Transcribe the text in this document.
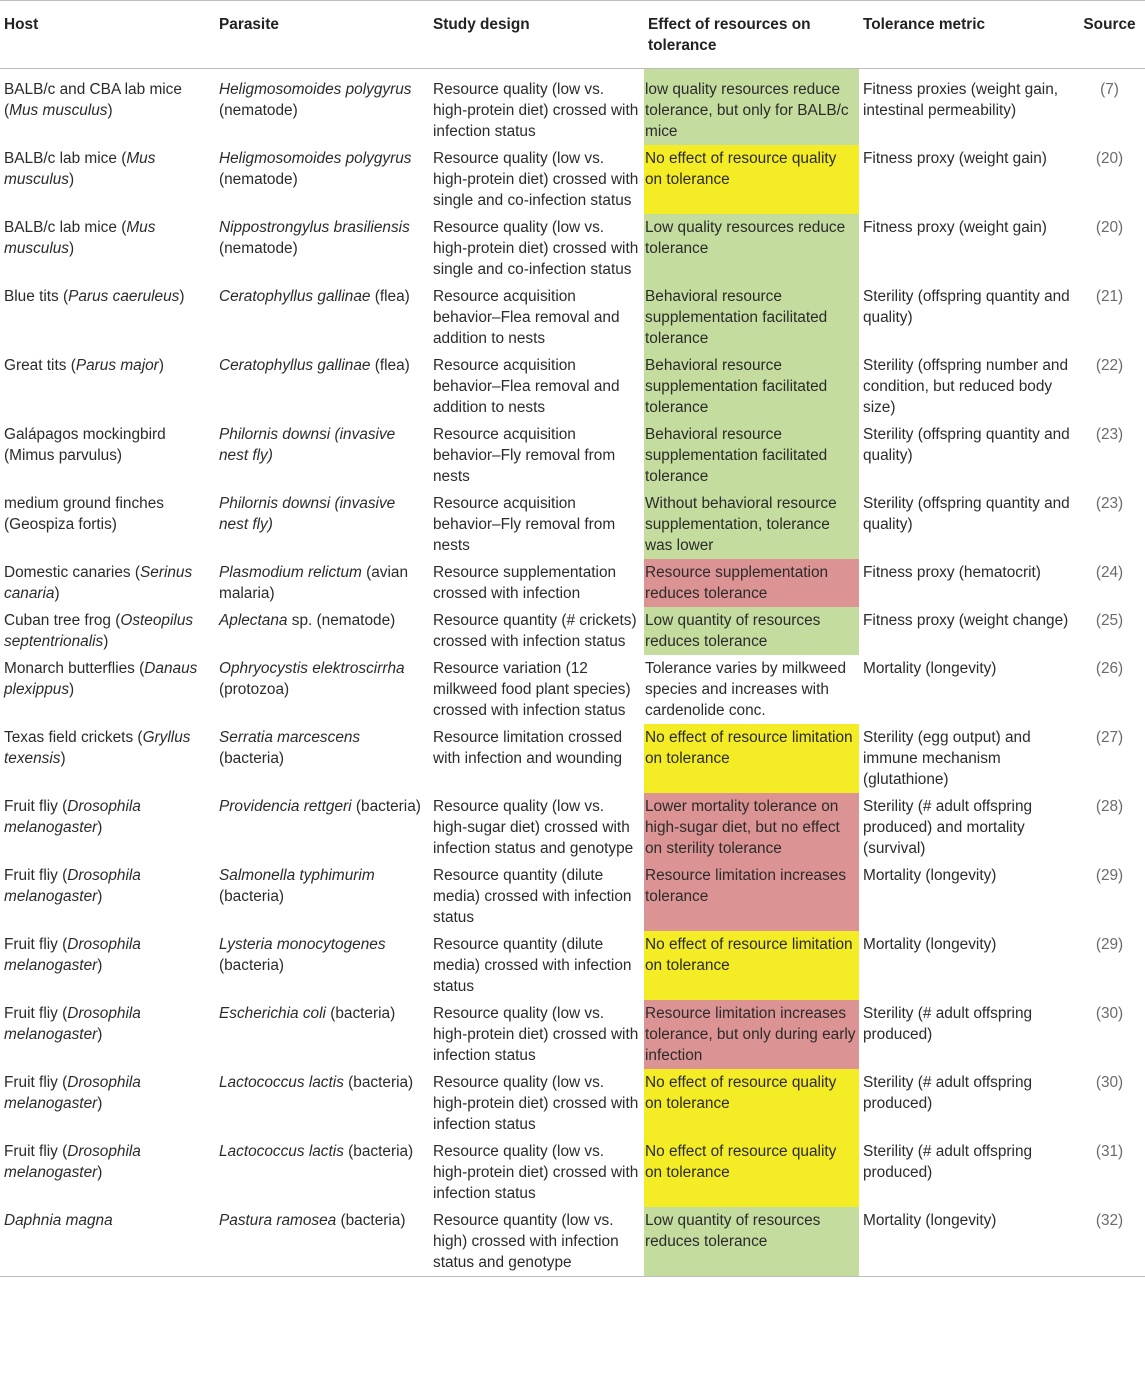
Host	Parasite	Study design	Effect of resources on tolerance	Tolerance metric	Source
BALB/c and CBA lab mice (Mus musculus)	Heligmosomoides polygyrus (nematode)	Resource quality (low vs. high-protein diet) crossed with infection status	low quality resources reduce tolerance, but only for BALB/c mice	Fitness proxies (weight gain, intestinal permeability)	(7)
BALB/c lab mice (Mus musculus)	Heligmosomoides polygyrus (nematode)	Resource quality (low vs. high-protein diet) crossed with single and co-infection status	No effect of resource quality on tolerance	Fitness proxy (weight gain)	(20)
BALB/c lab mice (Mus musculus)	Nippostrongylus brasiliensis (nematode)	Resource quality (low vs. high-protein diet) crossed with single and co-infection status	Low quality resources reduce tolerance	Fitness proxy (weight gain)	(20)
Blue tits (Parus caeruleus)	Ceratophyllus gallinae (flea)	Resource acquisition behavior–Flea removal and addition to nests	Behavioral resource supplementation facilitated tolerance	Sterility (offspring quantity and quality)	(21)
Great tits (Parus major)	Ceratophyllus gallinae (flea)	Resource acquisition behavior–Flea removal and addition to nests	Behavioral resource supplementation facilitated tolerance	Sterility (offspring number and condition, but reduced body size)	(22)
Galápagos mockingbird (Mimus parvulus)	Philornis downsi (invasive nest fly)	Resource acquisition behavior–Fly removal from nests	Behavioral resource supplementation facilitated tolerance	Sterility (offspring quantity and quality)	(23)
medium ground finches (Geospiza fortis)	Philornis downsi (invasive nest fly)	Resource acquisition behavior–Fly removal from nests	Without behavioral resource supplementation, tolerance was lower	Sterility (offspring quantity and quality)	(23)
Domestic canaries (Serinus canaria)	Plasmodium relictum (avian malaria)	Resource supplementation crossed with infection	Resource supplementation reduces tolerance	Fitness proxy (hematocrit)	(24)
Cuban tree frog (Osteopilus septentrionalis)	Aplectana sp. (nematode)	Resource quantity (# crickets) crossed with infection status	Low quantity of resources reduces tolerance	Fitness proxy (weight change)	(25)
Monarch butterflies (Danaus plexippus)	Ophryocystis elektroscirrha (protozoa)	Resource variation (12 milkweed food plant species) crossed with infection status	Tolerance varies by milkweed species and increases with cardenolide conc.	Mortality (longevity)	(26)
Texas field crickets (Gryllus texensis)	Serratia marcescens (bacteria)	Resource limitation crossed with infection and wounding	No effect of resource limitation on tolerance	Sterility (egg output) and immune mechanism (glutathione)	(27)
Fruit fliy (Drosophila melanogaster)	Providencia rettgeri (bacteria)	Resource quality (low vs. high-sugar diet) crossed with infection status and genotype	Lower mortality tolerance on high-sugar diet, but no effect on sterility tolerance	Sterility (# adult offspring produced) and mortality (survival)	(28)
Fruit fliy (Drosophila melanogaster)	Salmonella typhimurim (bacteria)	Resource quantity (dilute media) crossed with infection status	Resource limitation increases tolerance	Mortality (longevity)	(29)
Fruit fliy (Drosophila melanogaster)	Lysteria monocytogenes (bacteria)	Resource quantity (dilute media) crossed with infection status	No effect of resource limitation on tolerance	Mortality (longevity)	(29)
Fruit fliy (Drosophila melanogaster)	Escherichia coli (bacteria)	Resource quality (low vs. high-protein diet) crossed with infection status	Resource limitation increases tolerance, but only during early infection	Sterility (# adult offspring produced)	(30)
Fruit fliy (Drosophila melanogaster)	Lactococcus lactis (bacteria)	Resource quality (low vs. high-protein diet) crossed with infection status	No effect of resource quality on tolerance	Sterility (# adult offspring produced)	(30)
Fruit fliy (Drosophila melanogaster)	Lactococcus lactis (bacteria)	Resource quality (low vs. high-protein diet) crossed with infection status	No effect of resource quality on tolerance	Sterility (# adult offspring produced)	(31)
Daphnia magna	Pastura ramosea (bacteria)	Resource quantity (low vs. high) crossed with infection status and genotype	Low quantity of resources reduces tolerance	Mortality (longevity)	(32)
